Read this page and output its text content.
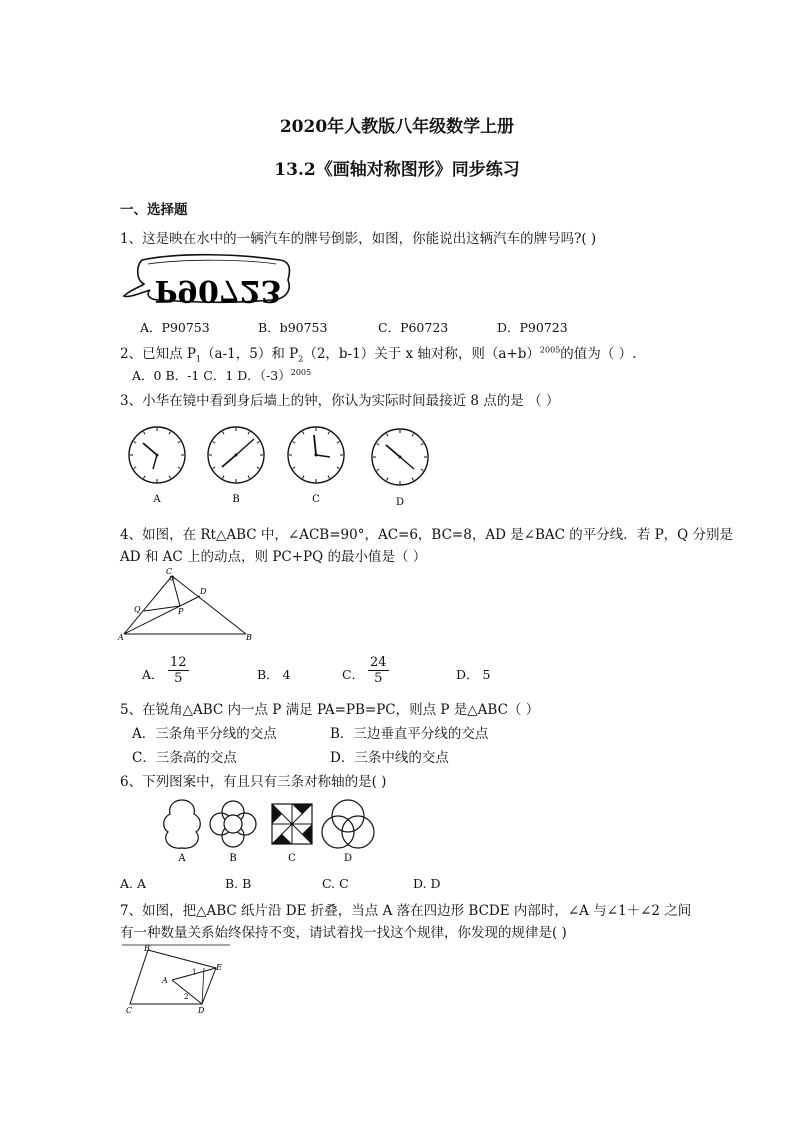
2020年人教版八年级数学上册
13.2《画轴对称图形》同步练习
一、选择题
1、这是映在水中的一辆汽车的牌号倒影，如图，你能说出这辆汽车的牌号吗?( )
P90723
A．P90753	B．b90753	C．P60723	D．P90723
2、已知点 $P_1(a-1$，5）和 $P_2(2$，b-1）关于 x 轴对称，则$(a+b)^{2005}$的值为（ ）.
A．0 B．-1 C．1 D．$(-3)^{2005}$
3、小华在镜中看到身后墙上的钟，你认为实际时间最接近 8 点的是 （ ）
A	B	C	D
4、如图，在 Rt△ABC 中，∠ACB=90°，AC=6，BC=8，AD 是∠BAC 的平分线．若 P，Q 分别是
AD 和 AC 上的动点，则 PC+PQ 的最小值是（ ）
C
D
Q	P
A	B
A． $\frac{12}{5}$	B． 4	C． $\frac{24}{5}$	D． 5
5、在锐角△ABC 内一点 P 满足 PA=PB=PC，则点 P 是△ABC（ ）
A．三条角平分线的交点	B．三边垂直平分线的交点
C．三条高的交点	D．三条中线的交点
6、下列图案中，有且只有三条对称轴的是( )
A	B	C	D
A. A	B. B	C. C	D. D
7、如图，把△ABC 纸片沿 DE 折叠，当点 A 落在四边形 BCDE 内部时，∠A 与∠1＋∠2 之间
有一种数量关系始终保持不变，请试着找一找这个规律，你发现的规律是( )
B
E
1
A
2
C	D
